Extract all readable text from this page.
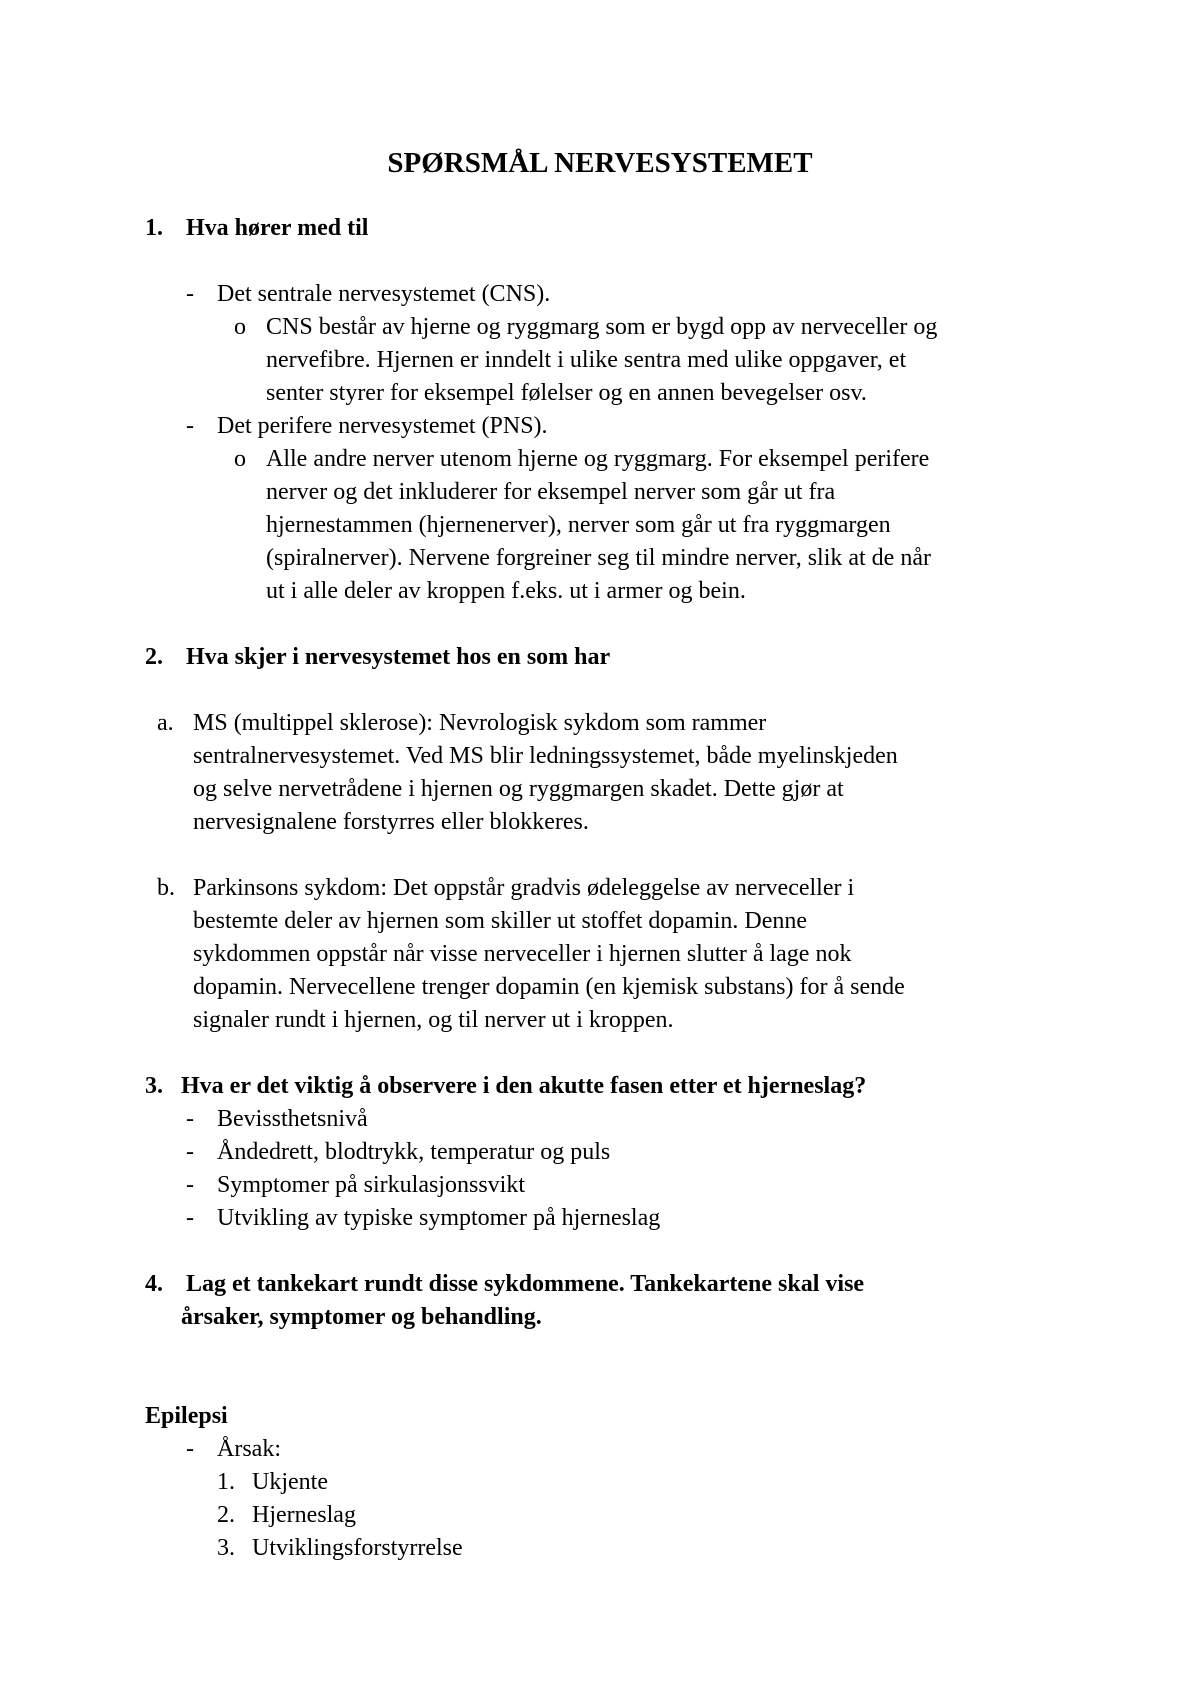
SPØRSMÅL NERVESYSTEMET
1. Hva hører med til
- Det sentrale nervesystemet (CNS).
o CNS består av hjerne og ryggmarg som er bygd opp av nerveceller og
nervefibre. Hjernen er inndelt i ulike sentra med ulike oppgaver, et
senter styrer for eksempel følelser og en annen bevegelser osv.
- Det perifere nervesystemet (PNS).
o Alle andre nerver utenom hjerne og ryggmarg. For eksempel perifere
nerver og det inkluderer for eksempel nerver som går ut fra
hjernestammen (hjernenerver), nerver som går ut fra ryggmargen
(spiralnerver). Nervene forgreiner seg til mindre nerver, slik at de når
ut i alle deler av kroppen f.eks. ut i armer og bein.
2. Hva skjer i nervesystemet hos en som har
a. MS (multippel sklerose): Nevrologisk sykdom som rammer
sentralnervesystemet. Ved MS blir ledningssystemet, både myelinskjeden
og selve nervetrådene i hjernen og ryggmargen skadet. Dette gjør at
nervesignalene forstyrres eller blokkeres.
b. Parkinsons sykdom: Det oppstår gradvis ødeleggelse av nerveceller i
bestemte deler av hjernen som skiller ut stoffet dopamin. Denne
sykdommen oppstår når visse nerveceller i hjernen slutter å lage nok
dopamin. Nervecellene trenger dopamin (en kjemisk substans) for å sende
signaler rundt i hjernen, og til nerver ut i kroppen.
3. Hva er det viktig å observere i den akutte fasen etter et hjerneslag?
- Bevissthetsnivå
- Åndedrett, blodtrykk, temperatur og puls
- Symptomer på sirkulasjonssvikt
- Utvikling av typiske symptomer på hjerneslag
4. Lag et tankekart rundt disse sykdommene. Tankekartene skal vise
årsaker, symptomer og behandling.
Epilepsi
- Årsak:
1. Ukjente
2. Hjerneslag
3. Utviklingsforstyrrelse
